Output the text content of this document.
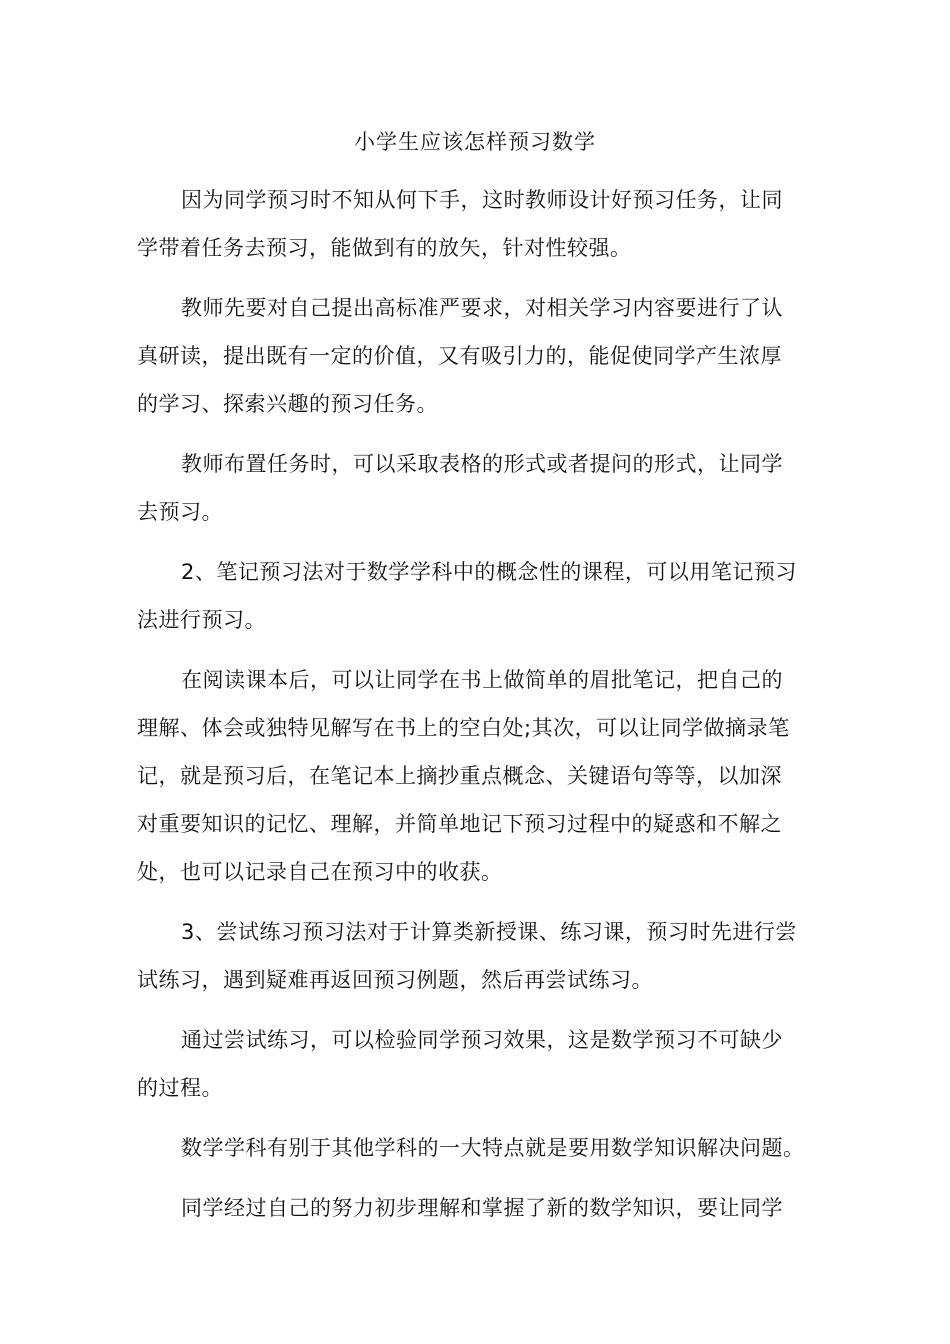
小学生应该怎样预习数学

因为同学预习时不知从何下手，这时教师设计好预习任务，让同
学带着任务去预习，能做到有的放矢，针对性较强。

教师先要对自己提出高标准严要求，对相关学习内容要进行了认
真研读，提出既有一定的价值，又有吸引力的，能促使同学产生浓厚
的学习、探索兴趣的预习任务。

教师布置任务时，可以采取表格的形式或者提问的形式，让同学
去预习。

2、笔记预习法对于数学学科中的概念性的课程，可以用笔记预习
法进行预习。

在阅读课本后，可以让同学在书上做简单的眉批笔记，把自己的
理解、体会或独特见解写在书上的空白处;其次，可以让同学做摘录笔
记，就是预习后，在笔记本上摘抄重点概念、关键语句等等，以加深
对重要知识的记忆、理解，并简单地记下预习过程中的疑惑和不解之
处，也可以记录自己在预习中的收获。

3、尝试练习预习法对于计算类新授课、练习课，预习时先进行尝
试练习，遇到疑难再返回预习例题，然后再尝试练习。

通过尝试练习，可以检验同学预习效果，这是数学预习不可缺少
的过程。

数学学科有别于其他学科的一大特点就是要用数学知识解决问题。

同学经过自己的努力初步理解和掌握了新的数学知识，要让同学
